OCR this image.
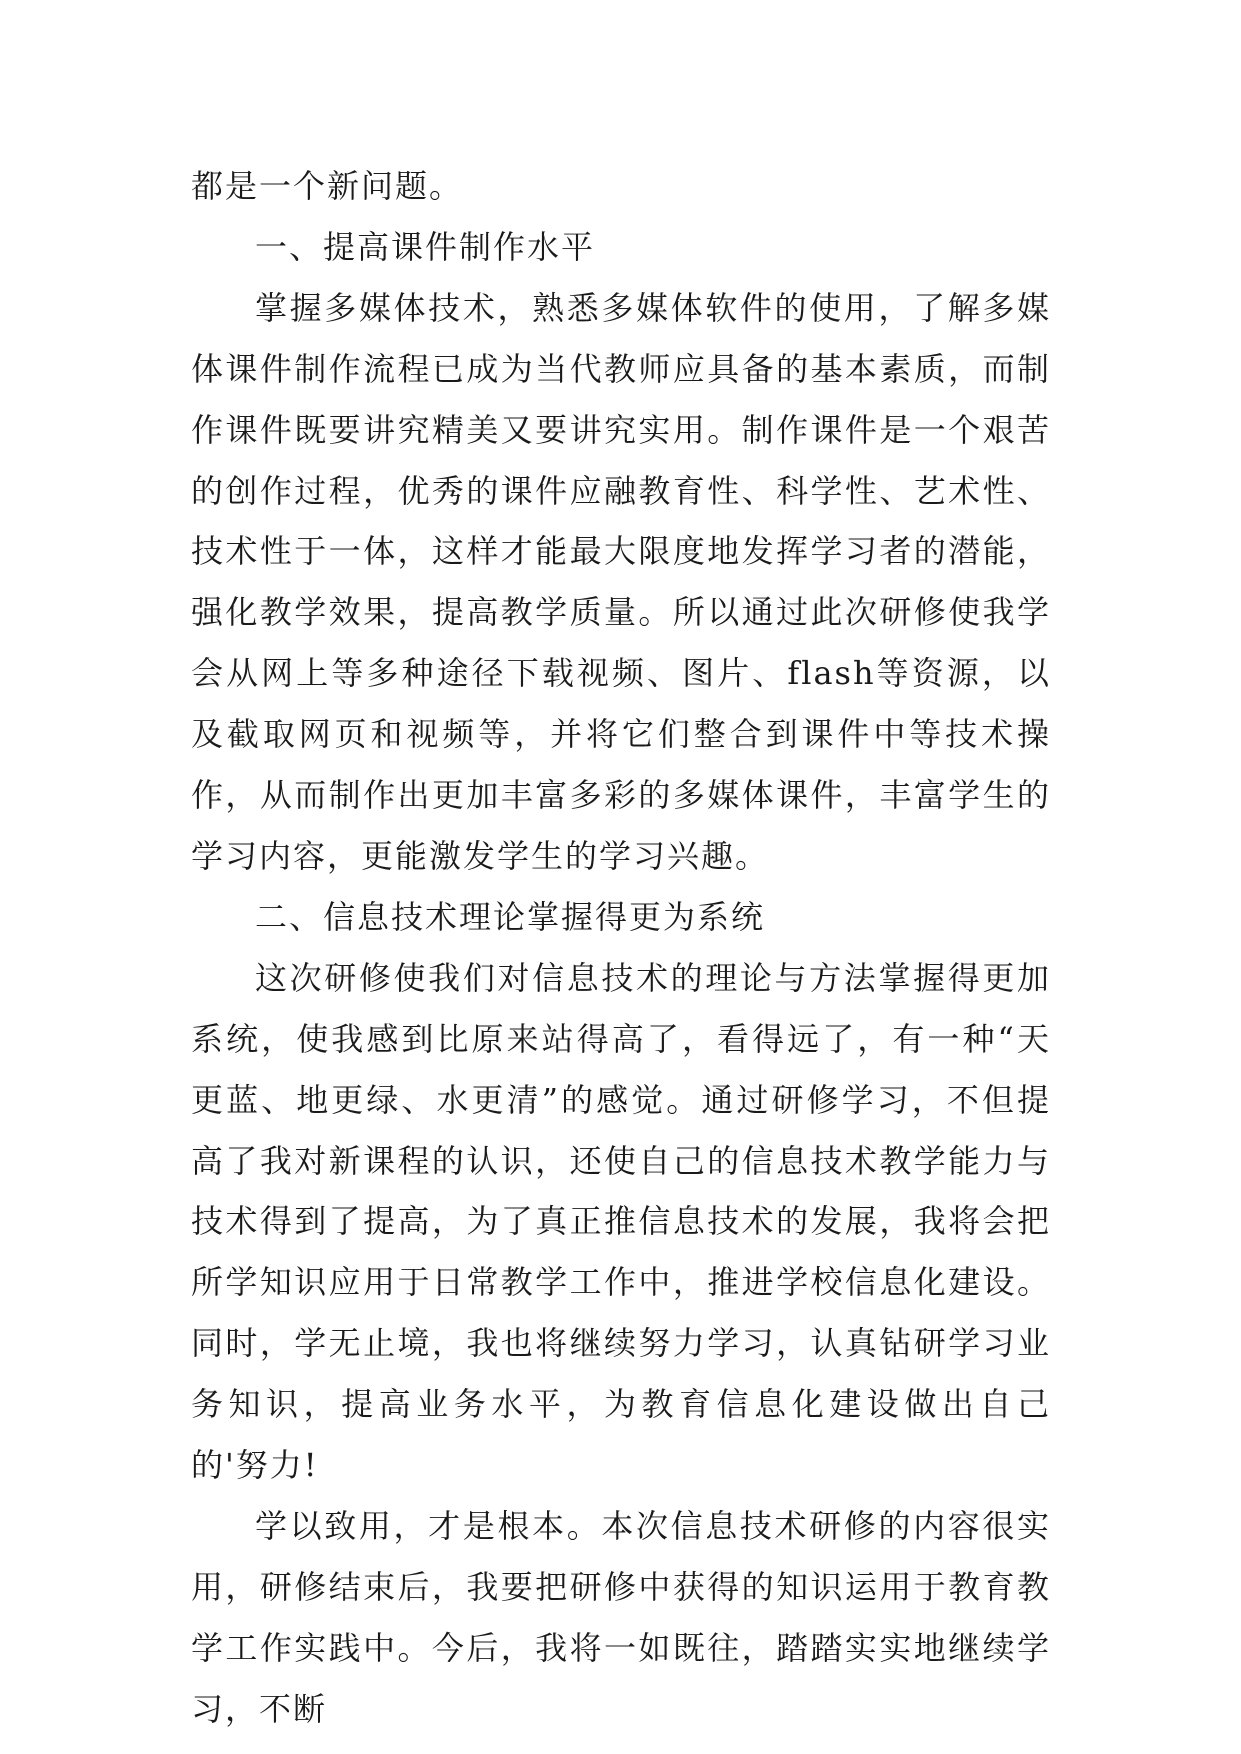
都是一个新问题。

一、提高课件制作水平

掌握多媒体技术，熟悉多媒体软件的使用，了解多媒体课件制作流程已成为当代教师应具备的基本素质，而制作课件既要讲究精美又要讲究实用。制作课件是一个艰苦的创作过程，优秀的课件应融教育性、科学性、艺术性、技术性于一体，这样才能最大限度地发挥学习者的潜能，强化教学效果，提高教学质量。所以通过此次研修使我学会从网上等多种途径下载视频、图片、flash等资源，以及截取网页和视频等，并将它们整合到课件中等技术操作，从而制作出更加丰富多彩的多媒体课件，丰富学生的学习内容，更能激发学生的学习兴趣。

二、信息技术理论掌握得更为系统

这次研修使我们对信息技术的理论与方法掌握得更加系统，使我感到比原来站得高了，看得远了，有一种“天更蓝、地更绿、水更清”的感觉。通过研修学习，不但提高了我对新课程的认识，还使自己的信息技术教学能力与技术得到了提高，为了真正推信息技术的发展，我将会把所学知识应用于日常教学工作中，推进学校信息化建设。同时，学无止境，我也将继续努力学习，认真钻研学习业务知识，提高业务水平，为教育信息化建设做出自己的'努力!

学以致用，才是根本。本次信息技术研修的内容很实用，研修结束后，我要把研修中获得的知识运用于教育教学工作实践中。今后，我将一如既往，踏踏实实地继续学习，不断
